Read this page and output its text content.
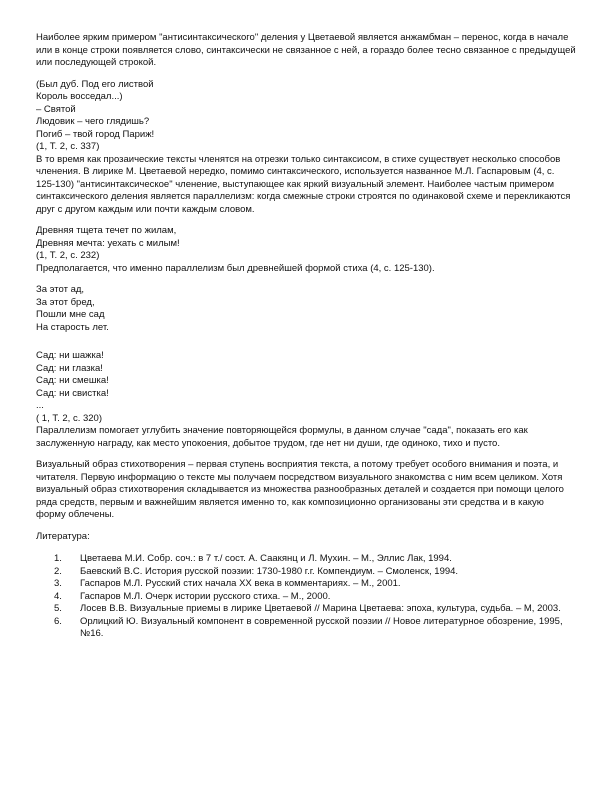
Наиболее ярким примером "антисинтаксического" деления у Цветаевой является анжамбман – перенос, когда в начале или в конце строки появляется слово, синтаксически не связанное с ней, а гораздо более тесно связанное с предыдущей или последующей строкой.

(Был дуб. Под его листвой
Король восседал...)
– Святой
Людовик – чего глядишь?
Погиб – твой город Париж!
(1, Т. 2, с. 337)

В то время как прозаические тексты членятся на отрезки только синтаксисом, в стихе существует несколько способов членения. В лирике М. Цветаевой нередко, помимо синтаксического, используется названное М.Л. Гаспаровым (4, с. 125-130) "антисинтаксическое" членение, выступающее как яркий визуальный элемент. Наиболее частым примером синтаксического деления является параллелизм: когда смежные строки строятся по одинаковой схеме и перекликаются друг с другом каждым или почти каждым словом.

Древняя тщета течет по жилам,
Древняя мечта: уехать с милым!
(1, Т. 2, с. 232)

Предполагается, что именно параллелизм был древнейшей формой стиха (4, с. 125-130).

За этот ад,
За этот бред,
Пошли мне сад
На старость лет.
Сад: ни шажка!
Сад: ни глазка!
Сад: ни смешка!
Сад: ни свистка!
...
( 1, Т. 2, с. 320)

Параллелизм помогает углубить значение повторяющейся формулы, в данном случае "сада", показать его как заслуженную награду, как место упокоения, добытое трудом, где нет ни души, где одиноко, тихо и пусто.

Визуальный образ стихотворения – первая ступень восприятия текста, а потому требует особого внимания и поэта, и читателя. Первую информацию о тексте мы получаем посредством визуального знакомства с ним всем целиком. Хотя визуальный образ стихотворения складывается из множества разнообразных деталей и создается при помощи целого ряда средств, первым и важнейшим является именно то, как композиционно организованы эти средства и в какую форму облечены.

Литература:

1. Цветаева М.И. Собр. соч.: в 7 т./ сост. А. Саакянц и Л. Мухин. – М., Эллис Лак, 1994.
2. Баевский В.С. История русской поэзии: 1730-1980 г.г. Компендиум. – Смоленск, 1994.
3. Гаспаров М.Л. Русский стих начала ХХ века в комментариях. – М., 2001.
4. Гаспаров М.Л. Очерк истории русского стиха. – М., 2000.
5. Лосев В.В. Визуальные приемы в лирике Цветаевой // Марина Цветаева: эпоха, культура, судьба. – М, 2003.
6. Орлицкий Ю. Визуальный компонент в современной русской поэзии // Новое литературное обозрение, 1995, №16.
